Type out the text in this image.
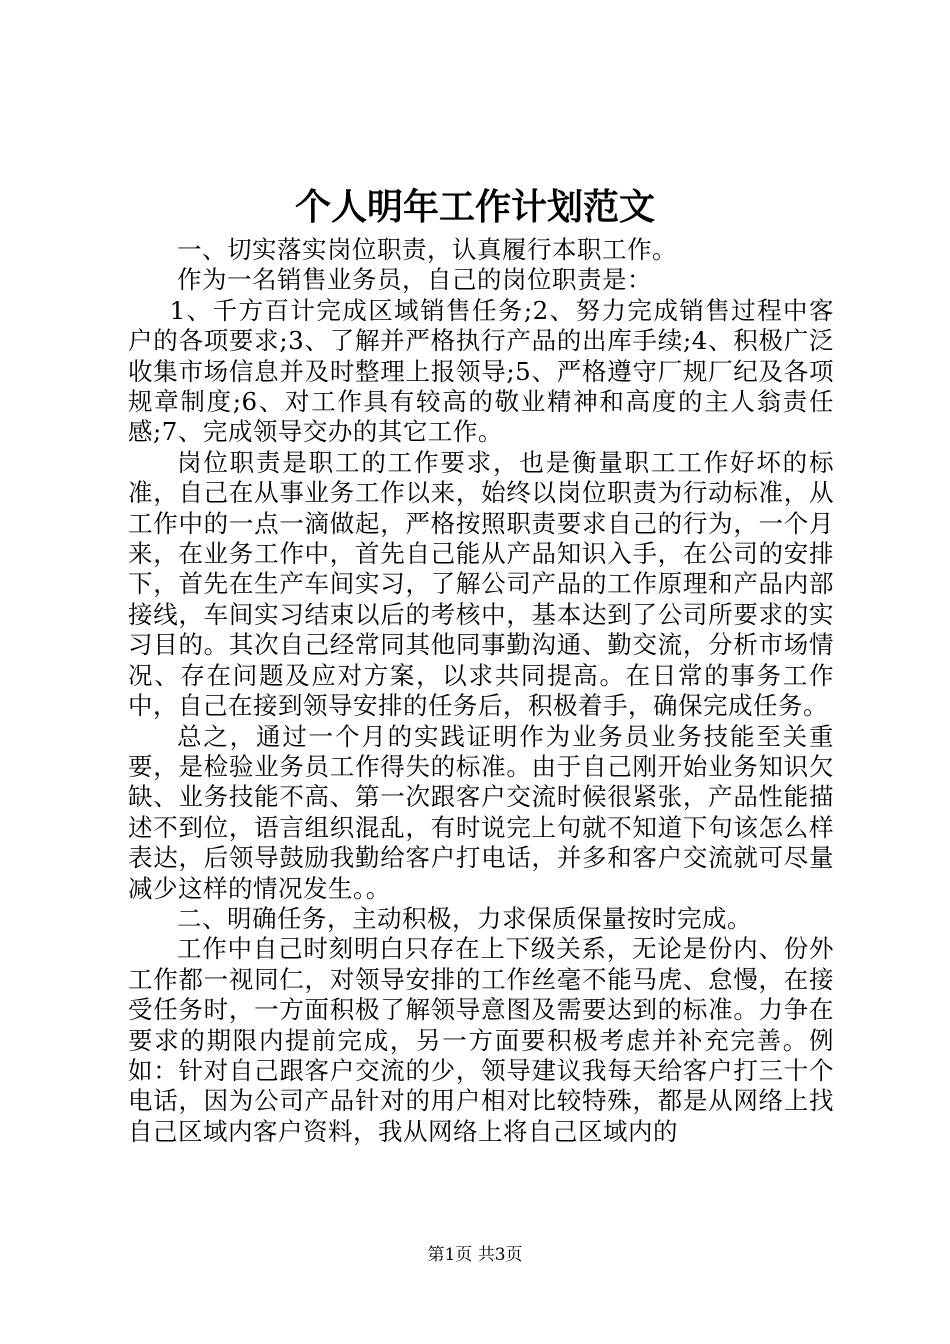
个人明年工作计划范文

一、切实落实岗位职责，认真履行本职工作。

作为一名销售业务员，自己的岗位职责是：

1、千方百计完成区域销售任务;2、努力完成销售过程中客户的各项要求;3、了解并严格执行产品的出库手续;4、积极广泛收集市场信息并及时整理上报领导;5、严格遵守厂规厂纪及各项规章制度;6、对工作具有较高的敬业精神和高度的主人翁责任感;7、完成领导交办的其它工作。

岗位职责是职工的工作要求，也是衡量职工工作好坏的标准，自己在从事业务工作以来，始终以岗位职责为行动标准，从工作中的一点一滴做起，严格按照职责要求自己的行为，一个月来，在业务工作中，首先自己能从产品知识入手，在公司的安排下，首先在生产车间实习，了解公司产品的工作原理和产品内部接线，车间实习结束以后的考核中，基本达到了公司所要求的实习目的。其次自己经常同其他同事勤沟通、勤交流，分析市场情况、存在问题及应对方案，以求共同提高。在日常的事务工作中，自己在接到领导安排的任务后，积极着手，确保完成任务。

总之，通过一个月的实践证明作为业务员业务技能至关重要，是检验业务员工作得失的标准。由于自己刚开始业务知识欠缺、业务技能不高、第一次跟客户交流时候很紧张，产品性能描述不到位，语言组织混乱，有时说完上句就不知道下句该怎么样表达，后领导鼓励我勤给客户打电话，并多和客户交流就可尽量减少这样的情况发生。。

二、明确任务，主动积极，力求保质保量按时完成。

工作中自己时刻明白只存在上下级关系，无论是份内、份外工作都一视同仁，对领导安排的工作丝毫不能马虎、怠慢，在接受任务时，一方面积极了解领导意图及需要达到的标准。力争在要求的期限内提前完成，另一方面要积极考虑并补充完善。例如：针对自己跟客户交流的少，领导建议我每天给客户打三十个电话，因为公司产品针对的用户相对比较特殊，都是从网络上找自己区域内客户资料，我从网络上将自己区域内的

第1页 共3页
